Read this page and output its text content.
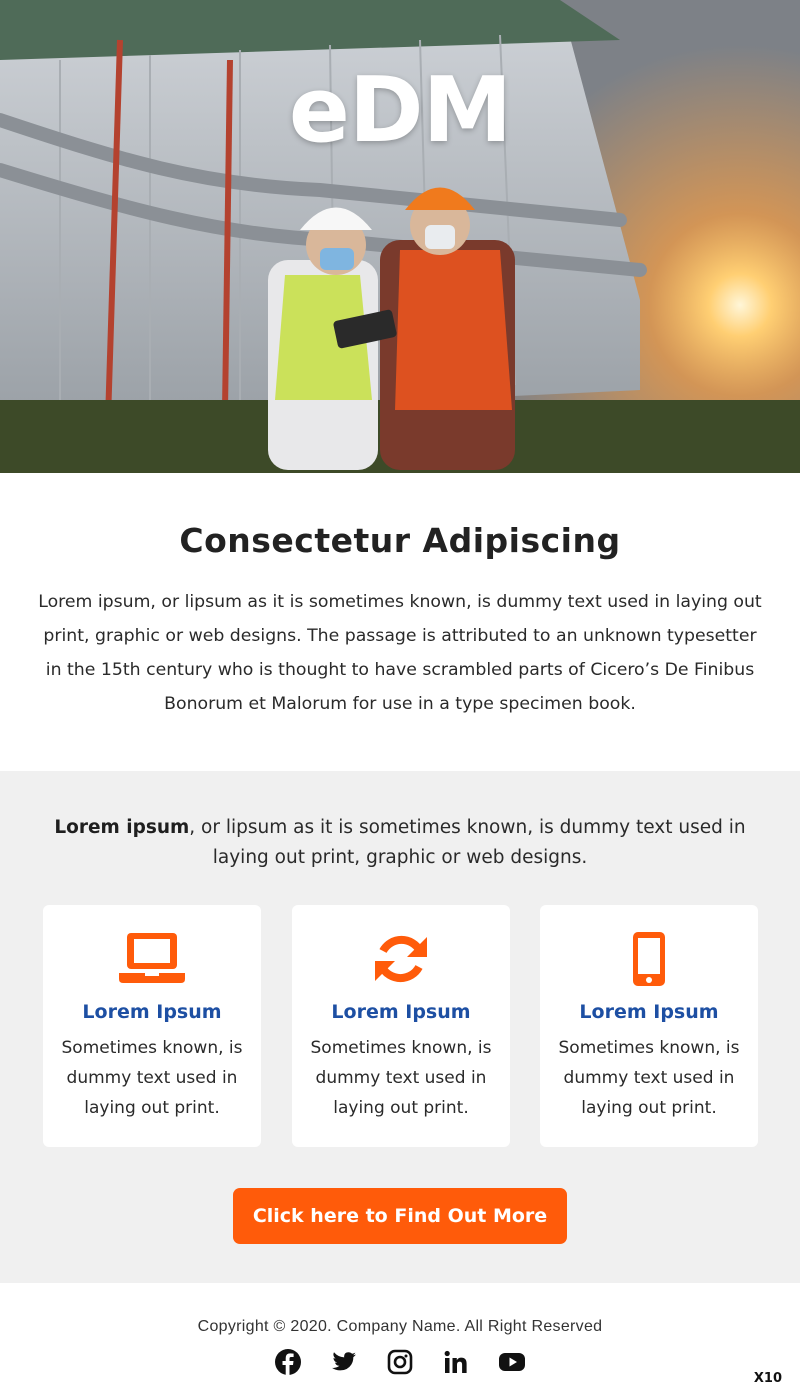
eDM
Consectetur Adipiscing

Lorem ipsum, or lipsum as it is sometimes known, is dummy text used in laying out print, graphic or web designs. The passage is attributed to an unknown typesetter in the 15th century who is thought to have scrambled parts of Cicero’s De Finibus Bonorum et Malorum for use in a type specimen book.

Lorem ipsum, or lipsum as it is sometimes known, is dummy text used in laying out print, graphic or web designs.

Lorem Ipsum
Sometimes known, is dummy text used in laying out print.
Lorem Ipsum
Sometimes known, is dummy text used in laying out print.
Lorem Ipsum
Sometimes known, is dummy text used in laying out print.
Click here to Find Out More
Copyright © 2020. Company Name. All Right Reserved
X10
